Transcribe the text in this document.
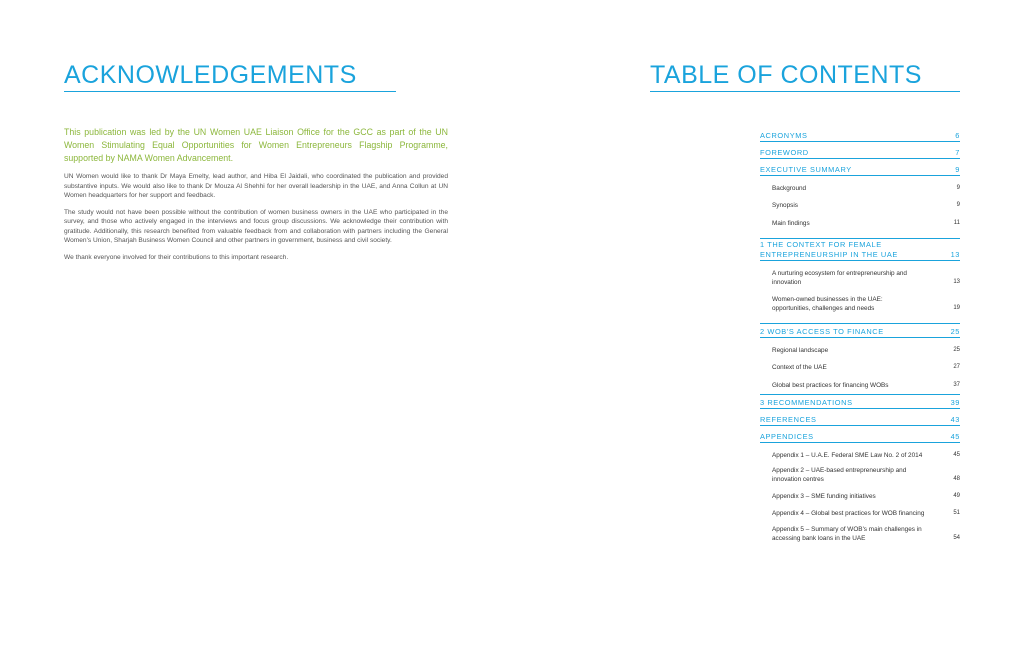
ACKNOWLEDGEMENTS

This publication was led by the UN Women UAE Liaison Office for the GCC as part of the UN Women Stimulating Equal Opportunities for Women Entrepreneurs Flagship Programme, supported by NAMA Women Advancement.

UN Women would like to thank Dr Maya Emelty, lead author, and Hiba El Jaidali, who coordinated the publication and provided substantive inputs. We would also like to thank Dr Mouza Al Shehhi for her overall leadership in the UAE, and Anna Collun at UN Women headquarters for her support and feedback.

The study would not have been possible without the contribution of women business owners in the UAE who participated in the survey, and those who actively engaged in the interviews and focus group discussions. We acknowledge their contribution with gratitude. Additionally, this research benefited from valuable feedback from and collaboration with partners including the General Women's Union, Sharjah Business Women Council and other partners in government, business and civil society.

We thank everyone involved for their contributions to this important research.

TABLE OF CONTENTS
ACRONYMS	6
FOREWORD	7
EXECUTIVE SUMMARY	9
Background	9
Synopsis	9
Main findings	11
1 THE CONTEXT FOR FEMALE ENTREPRENEURSHIP IN THE UAE	13
A nurturing ecosystem for entrepreneurship and innovation	13
Women-owned businesses in the UAE: opportunities, challenges and needs	19
2 WOB'S ACCESS TO FINANCE	25
Regional landscape	25
Context of the UAE	27
Global best practices for financing WOBs	37
3 RECOMMENDATIONS	39
REFERENCES	43
APPENDICES	45
Appendix 1 – U.A.E. Federal SME Law No. 2 of 2014	45
Appendix 2 – UAE-based entrepreneurship and innovation centres	48
Appendix 3 – SME funding initiatives	49
Appendix 4 – Global best practices for WOB financing	51
Appendix 5 – Summary of WOB's main challenges in accessing bank loans in the UAE	54
